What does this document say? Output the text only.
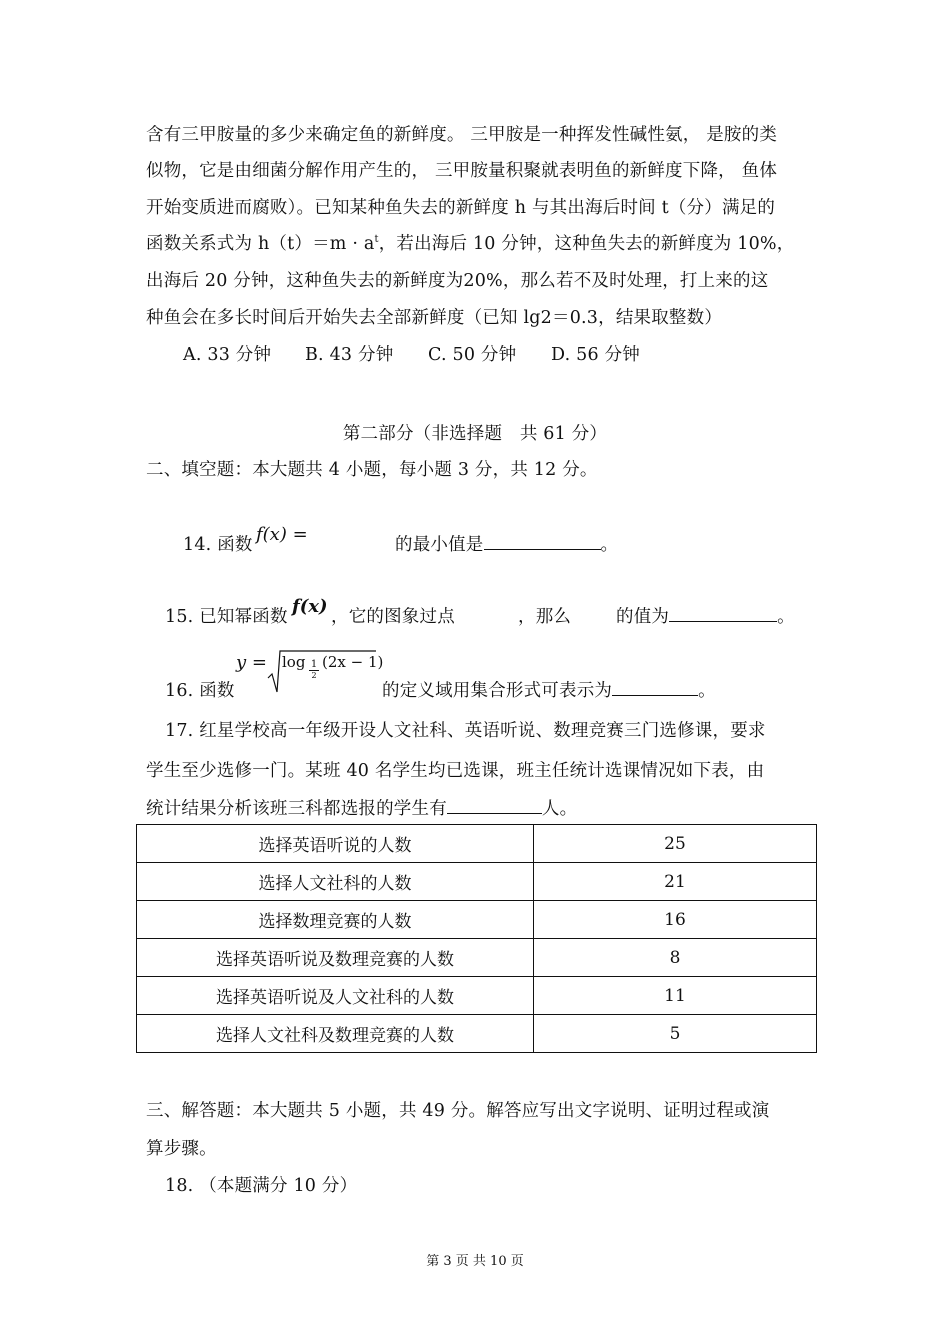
含有三甲胺量的多少来确定鱼的新鲜度。 三甲胺是一种挥发性碱性氨， 是胺的类
似物，它是由细菌分解作用产生的， 三甲胺量积聚就表明鱼的新鲜度下降， 鱼体
开始变质进而腐败）。已知某种鱼失去的新鲜度 h 与其出海后时间 t（分）满足的
函数关系式为 $h(t)=m \cdot a^t$，若出海后 10 分钟，这种鱼失去的新鲜度为 10%，
出海后 20 分钟，这种鱼失去的新鲜度为20%，那么若不及时处理，打上来的这
种鱼会在多长时间后开始失去全部新鲜度（已知 lg2＝0.3，结果取整数）
A. 33 分钟 B. 43 分钟 C. 50 分钟 D. 56 分钟
第二部分（非选择题　共 61 分）
二、填空题：本大题共 4 小题，每小题 3 分，共 12 分。
14. 函数 f(x) =	的最小值是	。
15. 已知幂函数 f(x) ，它的图象过点	，那么	的值为	。
16. 函数
y = log 1
2
(2x − 1)
的定义域用集合形式可表示为	。
17. 红星学校高一年级开设人文社科、英语听说、数理竞赛三门选修课，要求
学生至少选修一门。某班 40 名学生均已选课，班主任统计选课情况如下表，由
统计结果分析该班三科都选报的学生有	人。
选择英语听说的人数	25
选择人文社科的人数	21
选择数理竞赛的人数	16
选择英语听说及数理竞赛的人数	8
选择英语听说及人文社科的人数	11
选择人文社科及数理竞赛的人数	5
三、解答题：本大题共 5 小题，共 49 分。解答应写出文字说明、证明过程或演
算步骤。
18. （本题满分 10 分）
第 3 页 共 10 页
